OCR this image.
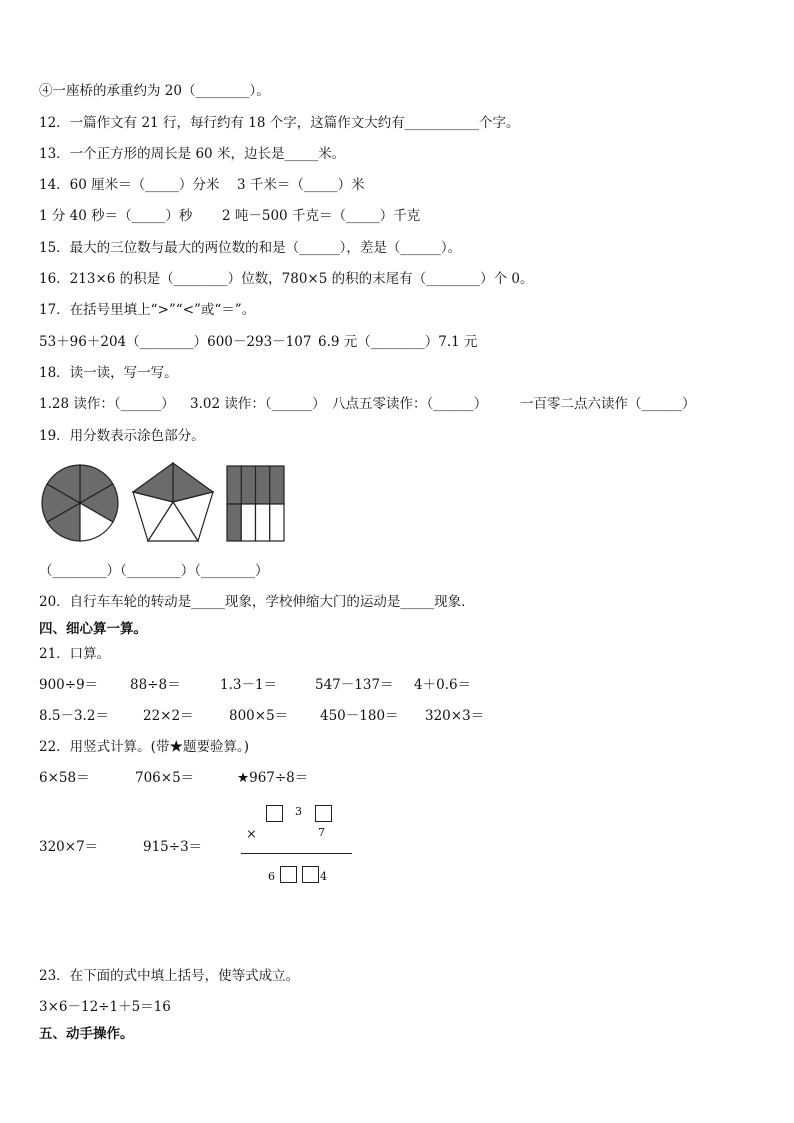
④一座桥的承重约为 20（________）。
12．一篇作文有 21 行，每行约有 18 个字，这篇作文大约有___________个字。
13．一个正方形的周长是 60 米，边长是_____米。
14．60 厘米＝（_____）分米 3 千米＝（_____）米
1 分 40 秒＝（_____）秒 2 吨－500 千克＝（_____）千克
15．最大的三位数与最大的两位数的和是（______），差是（______）。
16．213×6 的积是（________）位数，780×5 的积的末尾有（________）个 0。
17．在括号里填上“>”“<”或“＝”。
53＋96＋204（________）600－293－107 6.9 元（________）7.1 元
18．读一读，写一写。
1.28 读作：（______） 3.02 读作：（______） 八点五零读作：（______） 一百零二点六读作（______）
19．用分数表示涂色部分。
（________）（________）（________）
20．自行车车轮的转动是_____现象，学校伸缩大门的运动是_____现象．
四、细心算一算。
21．口算。
900÷9＝ 88÷8＝	1.3－1＝	547－137＝ 4＋0.6＝
8.5－3.2＝	22×2＝	800×5＝ 450－180＝ 320×3＝
22．用竖式计算。(带★题要验算。)
6×58＝	706×5＝	★967÷8＝
320×7＝	915÷3＝
3
×	7
6	4
23．在下面的式中填上括号，使等式成立。
3×6－12÷1＋5＝16
五、动手操作。
